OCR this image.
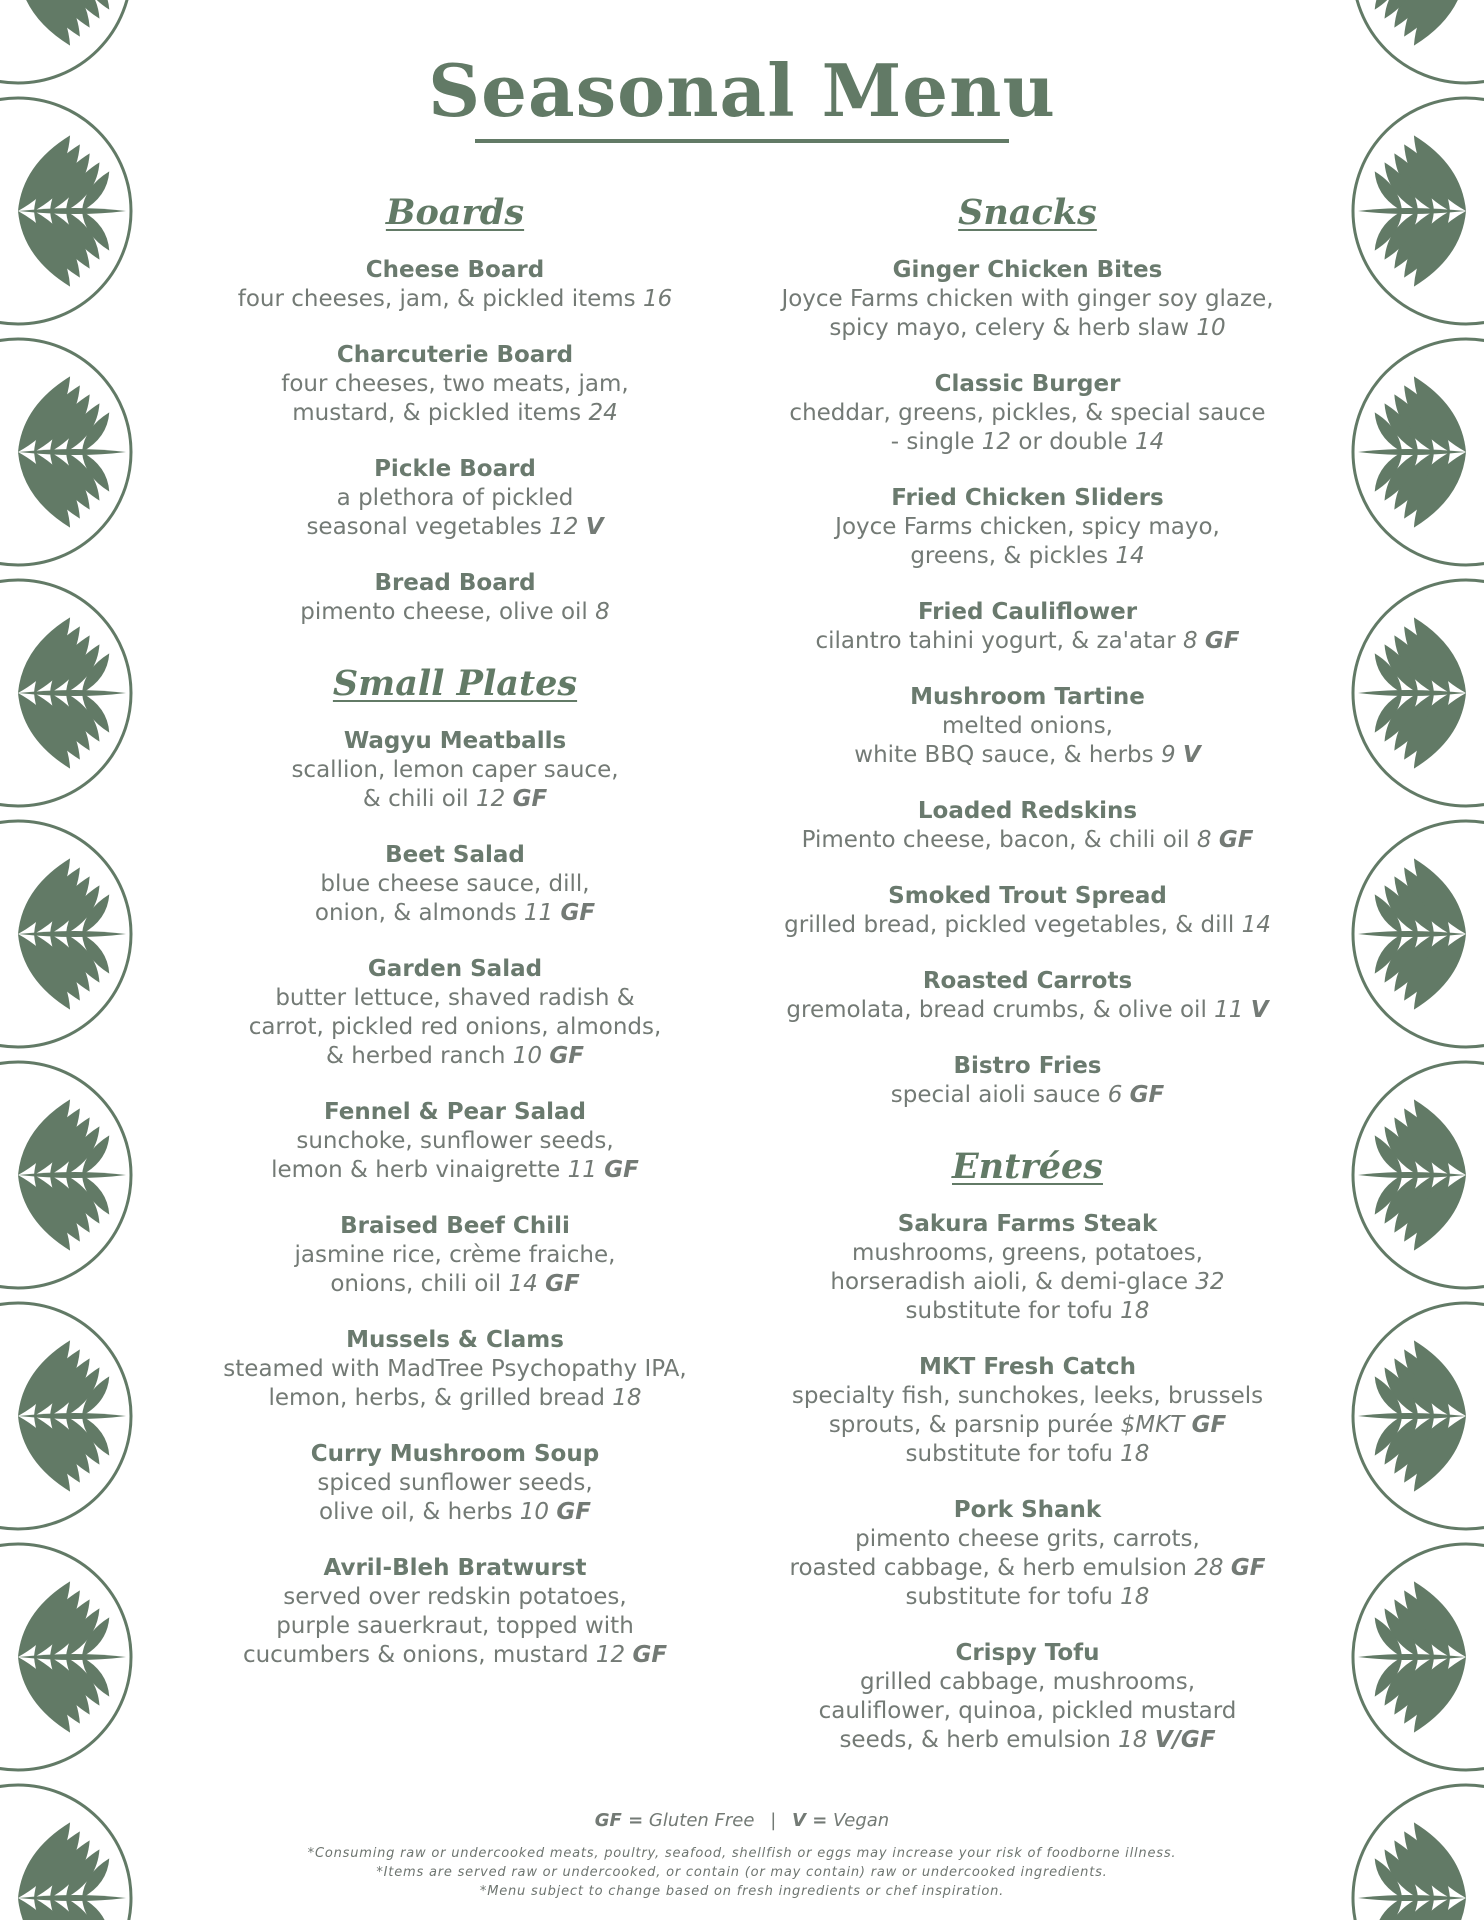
Seasonal Menu
Boards
Cheese Board
four cheeses, jam, & pickled items 16
Charcuterie Board
four cheeses, two meats, jam,
mustard, & pickled items 24
Pickle Board
a plethora of pickled
seasonal vegetables 12 V
Bread Board
pimento cheese, olive oil 8
Small Plates
Wagyu Meatballs
scallion, lemon caper sauce,
& chili oil 12 GF
Beet Salad
blue cheese sauce, dill,
onion, & almonds 11 GF
Garden Salad
butter lettuce, shaved radish &
carrot, pickled red onions, almonds,
& herbed ranch 10 GF
Fennel & Pear Salad
sunchoke, sunflower seeds,
lemon & herb vinaigrette 11 GF
Braised Beef Chili
jasmine rice, crème fraiche,
onions, chili oil 14 GF
Mussels & Clams
steamed with MadTree Psychopathy IPA,
lemon, herbs, & grilled bread 18
Curry Mushroom Soup
spiced sunflower seeds,
olive oil, & herbs 10 GF
Avril-Bleh Bratwurst
served over redskin potatoes,
purple sauerkraut, topped with
cucumbers & onions, mustard 12 GF
Snacks
Ginger Chicken Bites
Joyce Farms chicken with ginger soy glaze,
spicy mayo, celery & herb slaw 10
Classic Burger
cheddar, greens, pickles, & special sauce
- single 12 or double 14
Fried Chicken Sliders
Joyce Farms chicken, spicy mayo,
greens, & pickles 14
Fried Cauliflower
cilantro tahini yogurt, & za'atar 8 GF
Mushroom Tartine
melted onions,
white BBQ sauce, & herbs 9 V
Loaded Redskins
Pimento cheese, bacon, & chili oil 8 GF
Smoked Trout Spread
grilled bread, pickled vegetables, & dill 14
Roasted Carrots
gremolata, bread crumbs, & olive oil 11 V
Bistro Fries
special aioli sauce 6 GF
Entrées
Sakura Farms Steak
mushrooms, greens, potatoes,
horseradish aioli, & demi-glace 32
substitute for tofu 18
MKT Fresh Catch
specialty fish, sunchokes, leeks, brussels
sprouts, & parsnip purée $MKT GF
substitute for tofu 18
Pork Shank
pimento cheese grits, carrots,
roasted cabbage, & herb emulsion 28 GF
substitute for tofu 18
Crispy Tofu
grilled cabbage, mushrooms,
cauliflower, quinoa, pickled mustard
seeds, & herb emulsion 18 V/GF
GF = Gluten Free | V = Vegan
*Consuming raw or undercooked meats, poultry, seafood, shellfish or eggs may increase your risk of foodborne illness.
*Items are served raw or undercooked, or contain (or may contain) raw or undercooked ingredients.
*Menu subject to change based on fresh ingredients or chef inspiration.
